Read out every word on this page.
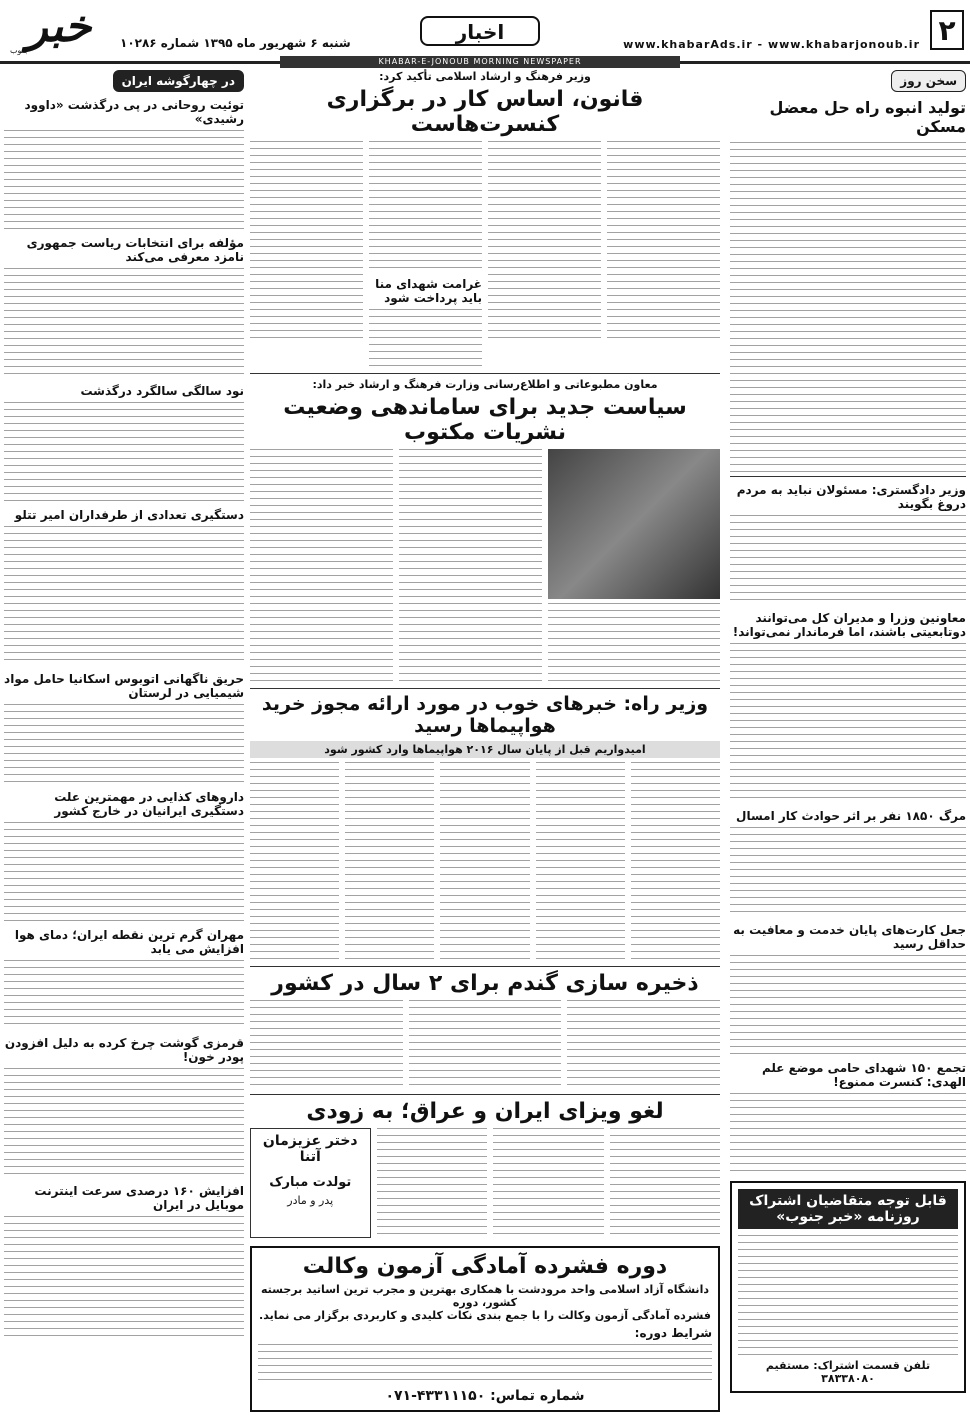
۲
www.khabarAds.ir - www.khabarjonoub.ir
اخبار
خبر
جنوب
شنبه ۶ شهریور ماه ۱۳۹۵ شماره ۱۰۲۸۶
KHABAR-E-JONOUB MORNING NEWSPAPER
سخن روز
تولید انبوه راه حل معضل مسکن
وزیر دادگستری: مسئولان نباید به مردم دروغ بگویند
معاونین وزرا و مدیران کل می‌توانند دوتابعیتی باشند، اما فرماندار نمی‌تواند!
مرگ ۱۸۵۰ نفر بر اثر حوادث کار امسال
جعل کارت‌های پایان خدمت و معافیت به حداقل رسید
تجمع ۱۵۰ شهدای حامی موضع علم الهدی: کنسرت ممنوع!
قابل توجه متقاضیان اشتراک روزنامه «خبر جنوب»
تلفن قسمت اشتراک: مستقیم ۳۸۳۳۸۰۸۰
در چهارگوشه ایران
توئیت روحانی در پی درگذشت «داوود رشیدی»
مؤلفه برای انتخابات ریاست جمهوری نامزد معرفی می‌کند
نود سالگی سالگرد درگذشت
دستگیری تعدادی از طرفداران امیر تتلو
حریق ناگهانی اتوبوس اسکانیا حامل مواد شیمیایی در لرستان
داروهای کذایی در مهمترین علت دستگیری ایرانیان در خارج کشور
مهران گرم ترین نقطه ایران؛ دمای هوا افزایش می یابد
قرمزی گوشت چرخ کرده به دلیل افزودن پودر خون!
افزایش ۱۶۰ درصدی سرعت اینترنت موبایل در ایران
وزیر فرهنگ و ارشاد اسلامی تأکید کرد:
قانون، اساس کار در برگزاری کنسرت‌هاست
غرامت شهدای منا باید پرداخت شود
معاون مطبوعاتی و اطلاع‌رسانی وزارت فرهنگ و ارشاد خبر داد:
سیاست جدید برای ساماندهی وضعیت نشریات مکتوب
وزیر راه: خبرهای خوب در مورد ارائه مجوز خرید هواپیماها رسید
امیدواریم قبل از پایان سال ۲۰۱۶ هواپیماها وارد کشور شود
ذخیره سازی گندم برای ۲ سال در کشور
لغو ویزای ایران و عراق؛ به زودی
دختر عزیزمان آتنا
تولدت مبارک
پدر و مادر
دوره فشرده آمادگی آزمون وکالت
دانشگاه آزاد اسلامی واحد مرودشت با همکاری بهترین و مجرب ترین اساتید برجسته کشور، دوره
فشرده آمادگی آزمون وکالت را با جمع بندی نکات کلیدی و کاربردی برگزار می نماید.
شرایط دوره:
شماره تماس: ۴۳۳۱۱۱۵۰-۰۷۱
